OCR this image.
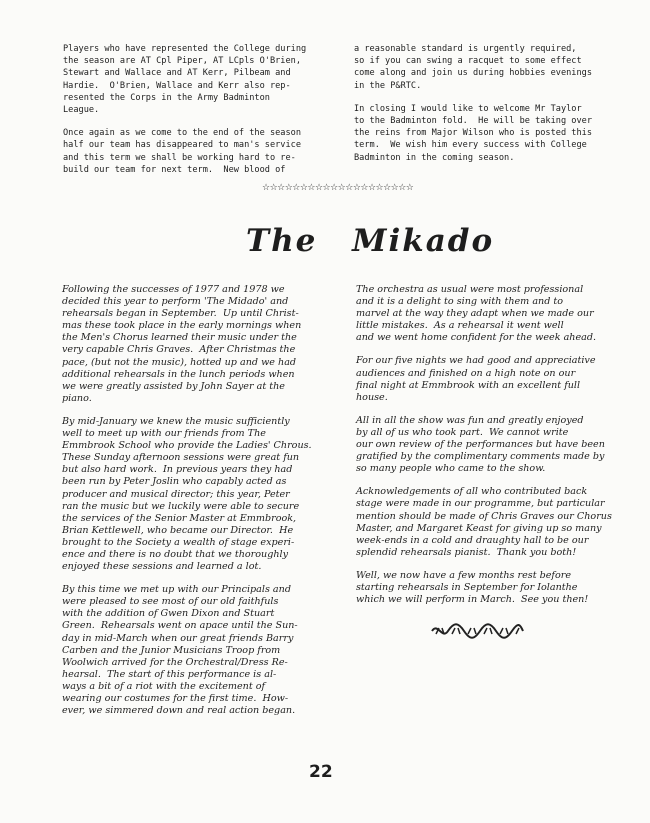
Players who have represented the College during

the season are AT Cpl Piper, AT LCpls O'Brien,

Stewart and Wallace and AT Kerr, Pilbeam and

Hardie.  O'Brien, Wallace and Kerr also rep-

resented the Corps in the Army Badminton

League.

Once again as we come to the end of the season

half our team has disappeared to man's service

and this term we shall be working hard to re-

build our team for next term.  New blood of

a reasonable standard is urgently required,

so if you can swing a racquet to some effect

come along and join us during hobbies evenings

in the P&RTC.

In closing I would like to welcome Mr Taylor

to the Badminton fold.  He will be taking over

the reins from Major Wilson who is posted this

term.  We wish him every success with College

Badminton in the coming season.

☆☆☆☆☆☆☆☆☆☆☆☆☆☆☆☆☆☆☆☆
The Mikado

Following the successes of 1977 and 1978 we

decided this year to perform 'The Midado' and

rehearsals began in September.  Up until Christ-

mas these took place in the early mornings when

the Men's Chorus learned their music under the

very capable Chris Graves.  After Christmas the

pace, (but not the music), hotted up and we had

additional rehearsals in the lunch periods when

we were greatly assisted by John Sayer at the

piano.

By mid-January we knew the music sufficiently

well to meet up with our friends from The

Emmbrook School who provide the Ladies' Chrous.

These Sunday afternoon sessions were great fun

but also hard work.  In previous years they had

been run by Peter Joslin who capably acted as

producer and musical director; this year, Peter

ran the music but we luckily were able to secure

the services of the Senior Master at Emmbrook,

Brian Kettlewell, who became our Director.  He

brought to the Society a wealth of stage experi-

ence and there is no doubt that we thoroughly

enjoyed these sessions and learned a lot.

By this time we met up with our Principals and

were pleased to see most of our old faithfuls

with the addition of Gwen Dixon and Stuart

Green.  Rehearsals went on apace until the Sun-

day in mid-March when our great friends Barry

Carben and the Junior Musicians Troop from

Woolwich arrived for the Orchestral/Dress Re-

hearsal.  The start of this performance is al-

ways a bit of a riot with the excitement of

wearing our costumes for the first time.  How-

ever, we simmered down and real action began.

The orchestra as usual were most professional

and it is a delight to sing with them and to

marvel at the way they adapt when we made our

little mistakes.  As a rehearsal it went well

and we went home confident for the week ahead.

For our five nights we had good and appreciative

audiences and finished on a high note on our

final night at Emmbrook with an excellent full

house.

All in all the show was fun and greatly enjoyed

by all of us who took part.  We cannot write

our own review of the performances but have been

gratified by the complimentary comments made by

so many people who came to the show.

Acknowledgements of all who contributed back

stage were made in our programme, but particular

mention should be made of Chris Graves our Chorus

Master, and Margaret Keast for giving up so many

week-ends in a cold and draughty hall to be our

splendid rehearsals pianist.  Thank you both!

Well, we now have a few months rest before

starting rehearsals in September for Iolanthe

which we will perform in March.  See you then!

22
